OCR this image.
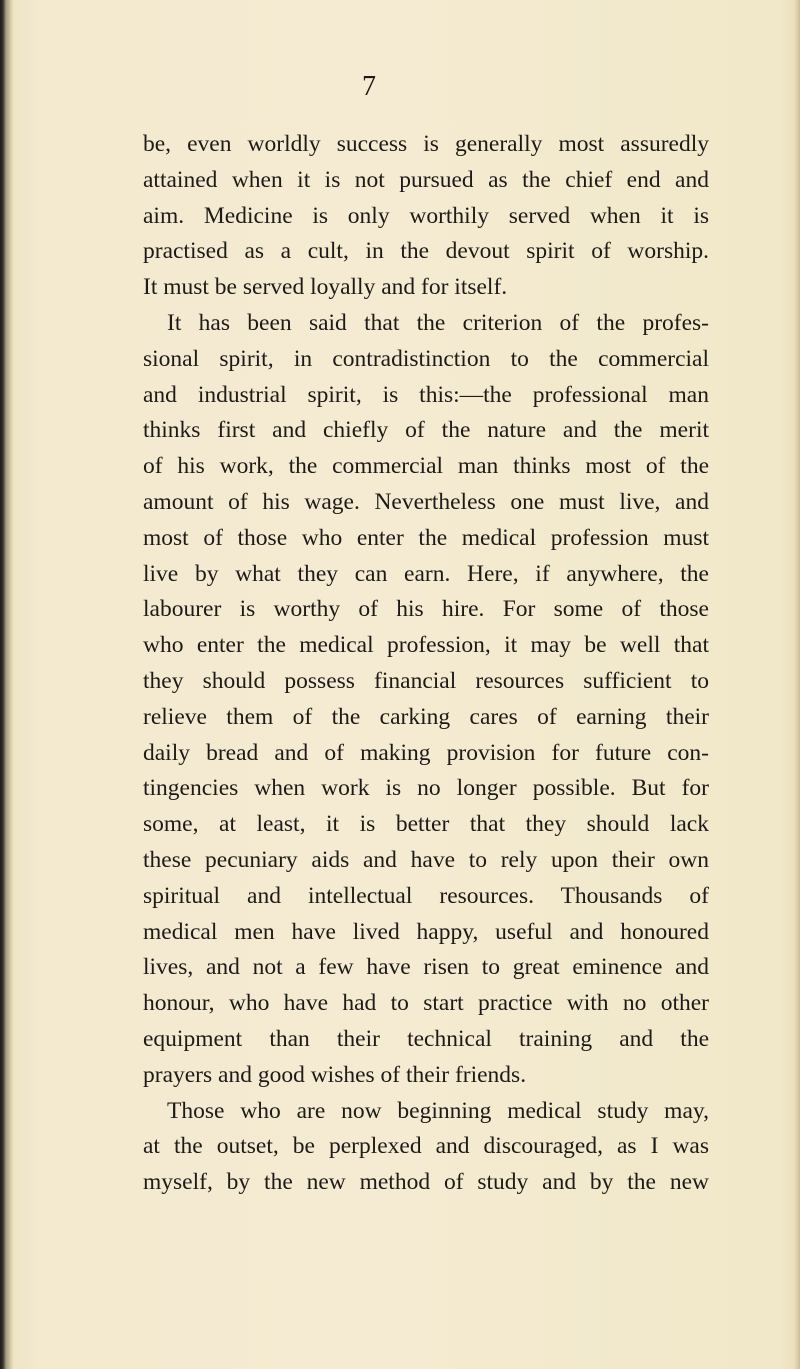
7
be, even worldly success is generally most assuredly
attained when it is not pursued as the chief end and
aim. Medicine is only worthily served when it is
practised as a cult, in the devout spirit of worship.
It must be served loyally and for itself.
It has been said that the criterion of the profes-
sional spirit, in contradistinction to the commercial
and industrial spirit, is this:—the professional man
thinks first and chiefly of the nature and the merit
of his work, the commercial man thinks most of the
amount of his wage. Nevertheless one must live, and
most of those who enter the medical profession must
live by what they can earn. Here, if anywhere, the
labourer is worthy of his hire. For some of those
who enter the medical profession, it may be well that
they should possess financial resources sufficient to
relieve them of the carking cares of earning their
daily bread and of making provision for future con-
tingencies when work is no longer possible. But for
some, at least, it is better that they should lack
these pecuniary aids and have to rely upon their own
spiritual and intellectual resources. Thousands of
medical men have lived happy, useful and honoured
lives, and not a few have risen to great eminence and
honour, who have had to start practice with no other
equipment than their technical training and the
prayers and good wishes of their friends.
Those who are now beginning medical study may,
at the outset, be perplexed and discouraged, as I was
myself, by the new method of study and by the new
